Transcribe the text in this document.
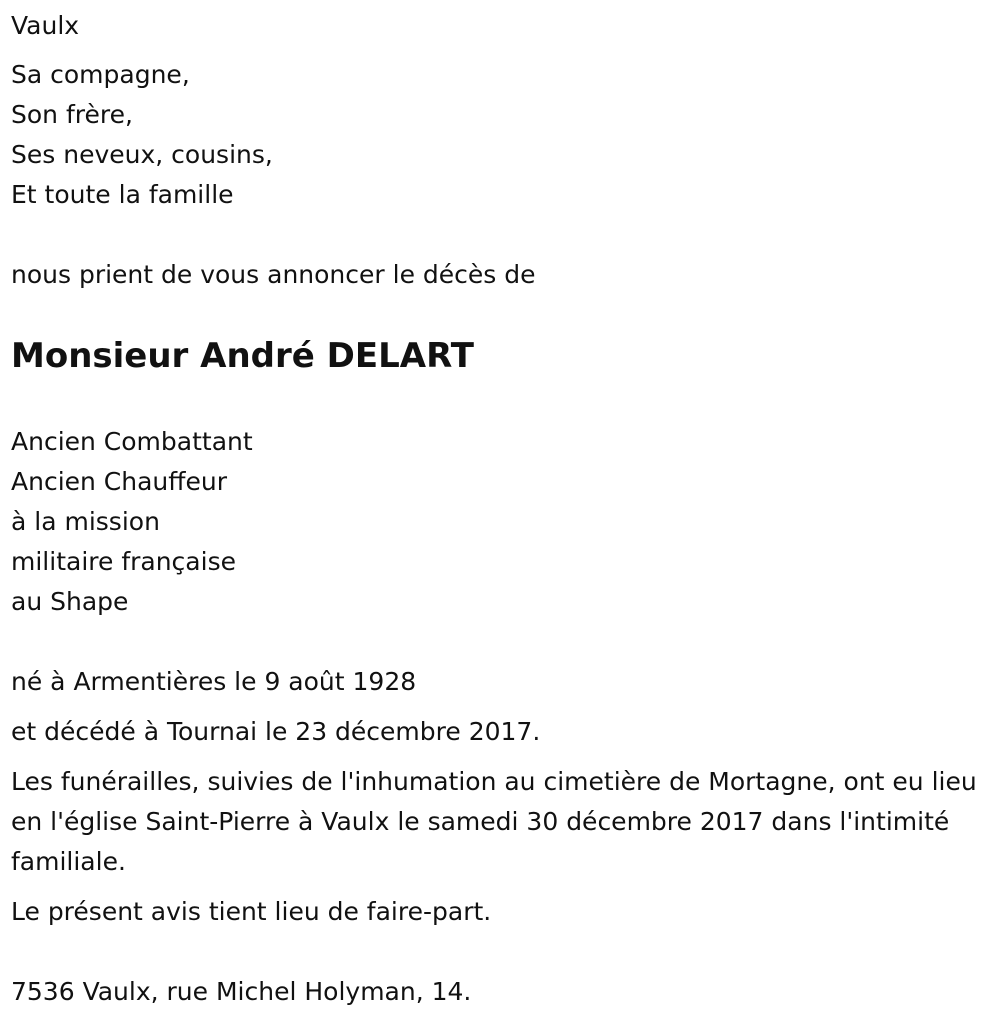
Vaulx

Sa compagne,

Son frère,

Ses neveux, cousins,

Et toute la famille

nous prient de vous annoncer le décès de

Monsieur André DELART

Ancien Combattant

Ancien Chauffeur

à la mission

militaire française

au Shape

né à Armentières le 9 août 1928

et décédé à Tournai le 23 décembre 2017.

Les funérailles, suivies de l'inhumation au cimetière de Mortagne, ont eu lieu en l'église Saint-Pierre à Vaulx le samedi 30 décembre 2017 dans l'intimité familiale.

Le présent avis tient lieu de faire-part.

7536 Vaulx, rue Michel Holyman, 14.
